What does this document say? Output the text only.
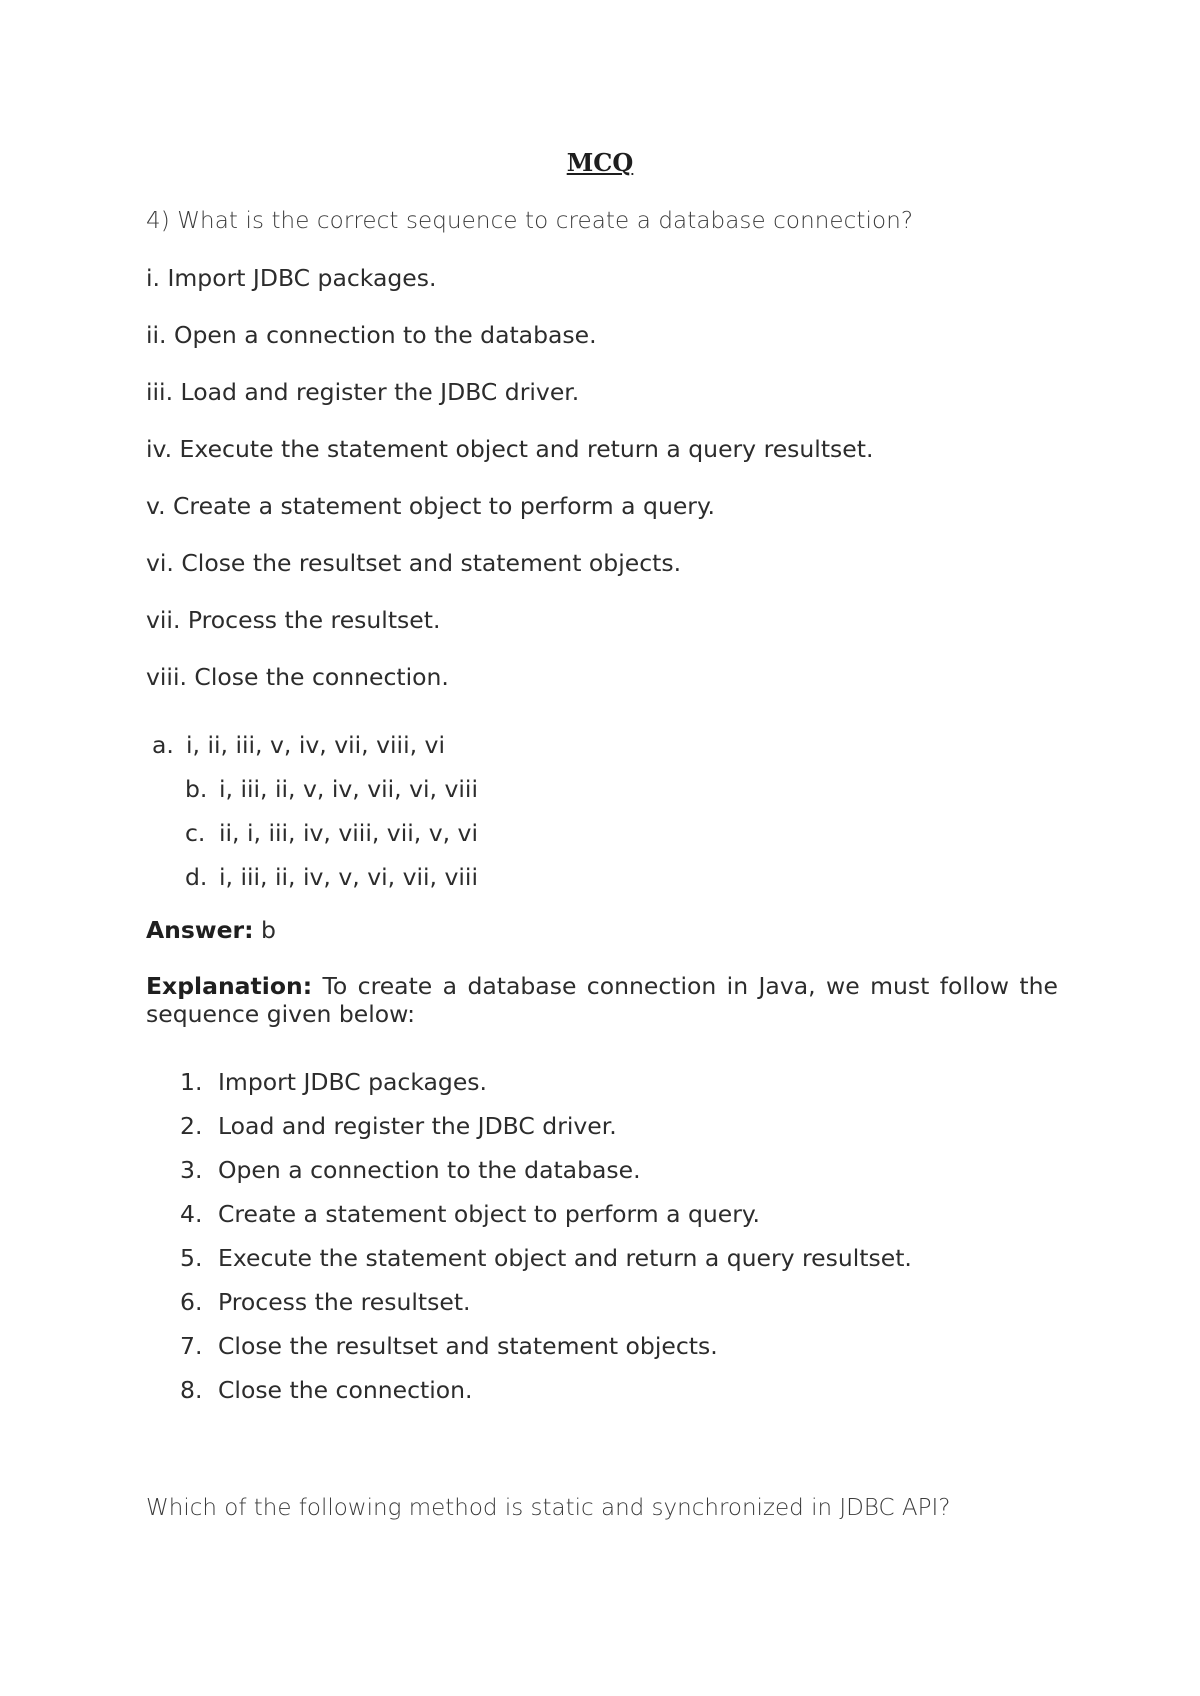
MCQ
4) What is the correct sequence to create a database connection?
i. Import JDBC packages.
ii. Open a connection to the database.
iii. Load and register the JDBC driver.
iv. Execute the statement object and return a query resultset.
v. Create a statement object to perform a query.
vi. Close the resultset and statement objects.
vii. Process the resultset.
viii. Close the connection.
a. i, ii, iii, v, iv, vii, viii, vi
b. i, iii, ii, v, iv, vii, vi, viii
c. ii, i, iii, iv, viii, vii, v, vi
d. i, iii, ii, iv, v, vi, vii, viii
Answer: b
Explanation: To create a database connection in Java, we must follow the sequence given below:
1. Import JDBC packages.
2. Load and register the JDBC driver.
3. Open a connection to the database.
4. Create a statement object to perform a query.
5. Execute the statement object and return a query resultset.
6. Process the resultset.
7. Close the resultset and statement objects.
8. Close the connection.
Which of the following method is static and synchronized in JDBC API?
